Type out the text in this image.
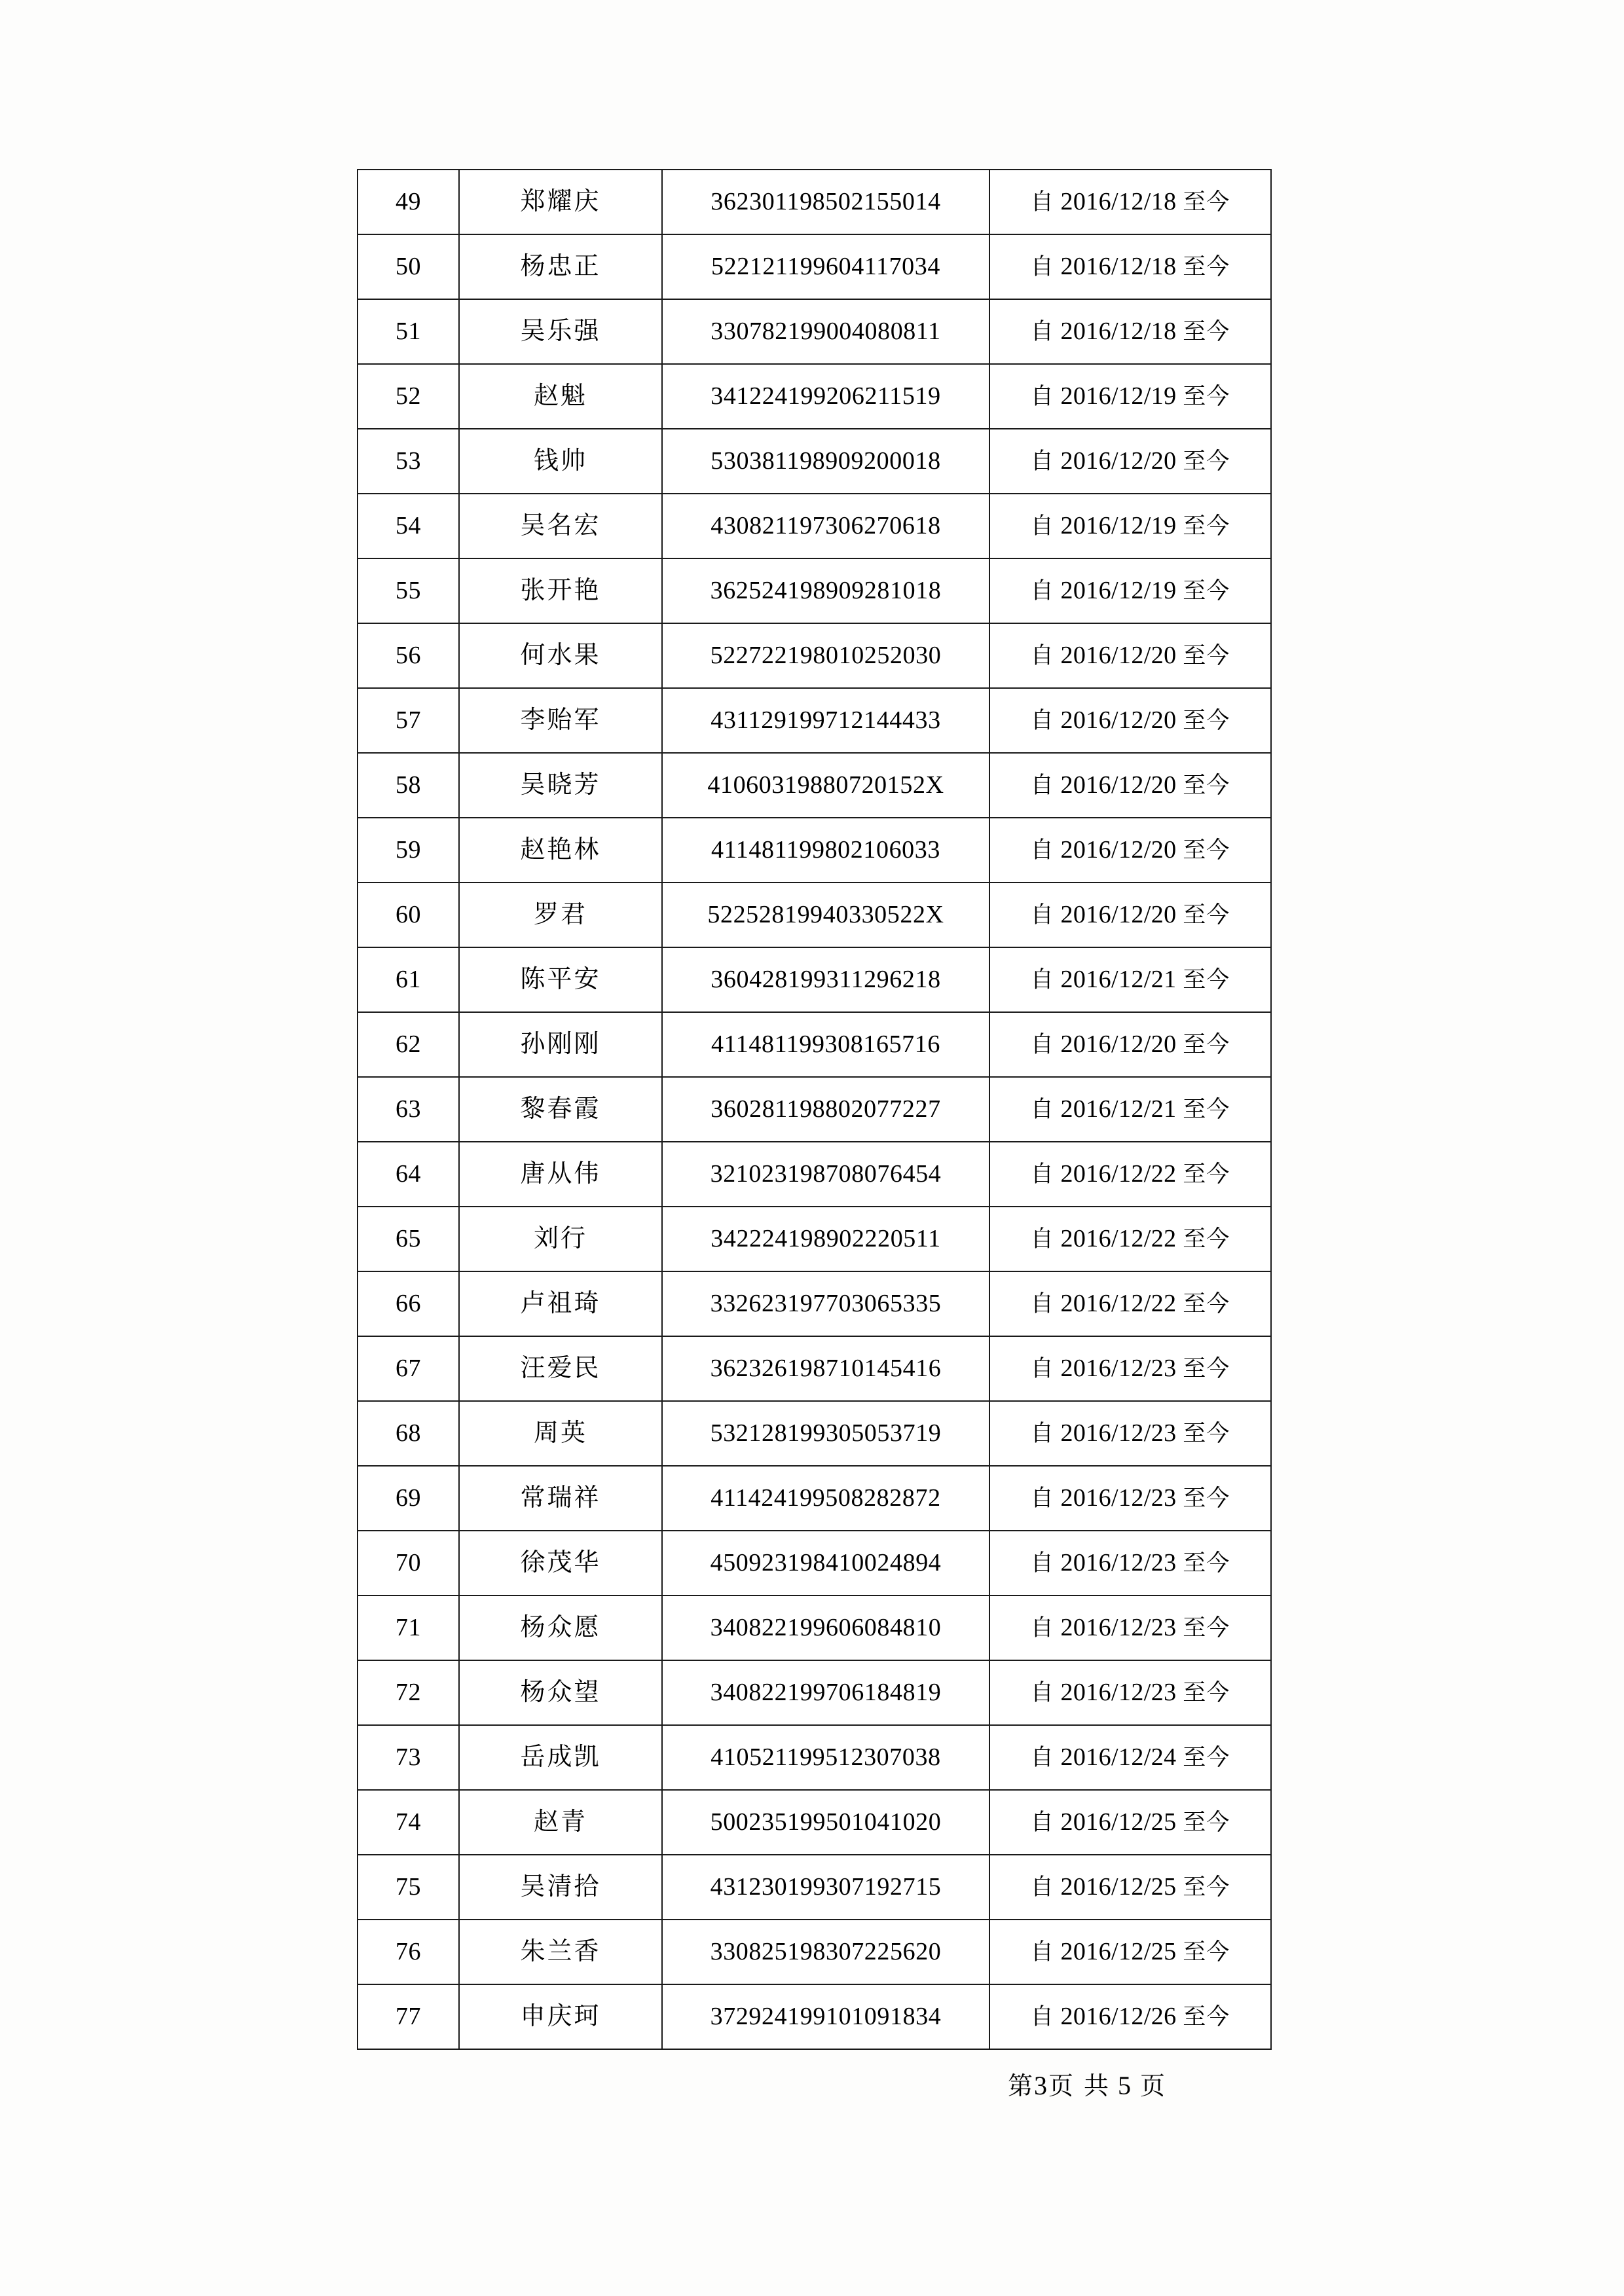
49	郑耀庆	362301198502155014	自 2016/12/18 至今
50	杨忠正	522121199604117034	自 2016/12/18 至今
51	吴乐强	330782199004080811	自 2016/12/18 至今
52	赵魁	341224199206211519	自 2016/12/19 至今
53	钱帅	530381198909200018	自 2016/12/20 至今
54	吴名宏	430821197306270618	自 2016/12/19 至今
55	张开艳	362524198909281018	自 2016/12/19 至今
56	何水果	522722198010252030	自 2016/12/20 至今
57	李贻军	431129199712144433	自 2016/12/20 至今
58	吴晓芳	41060319880720152X	自 2016/12/20 至今
59	赵艳林	411481199802106033	自 2016/12/20 至今
60	罗君	52252819940330522X	自 2016/12/20 至今
61	陈平安	360428199311296218	自 2016/12/21 至今
62	孙刚刚	411481199308165716	自 2016/12/20 至今
63	黎春霞	360281198802077227	自 2016/12/21 至今
64	唐从伟	321023198708076454	自 2016/12/22 至今
65	刘行	342224198902220511	自 2016/12/22 至今
66	卢祖琦	332623197703065335	自 2016/12/22 至今
67	汪爱民	362326198710145416	自 2016/12/23 至今
68	周英	532128199305053719	自 2016/12/23 至今
69	常瑞祥	411424199508282872	自 2016/12/23 至今
70	徐茂华	450923198410024894	自 2016/12/23 至今
71	杨众愿	340822199606084810	自 2016/12/23 至今
72	杨众望	340822199706184819	自 2016/12/23 至今
73	岳成凯	410521199512307038	自 2016/12/24 至今
74	赵青	500235199501041020	自 2016/12/25 至今
75	吴清拾	431230199307192715	自 2016/12/25 至今
76	朱兰香	330825198307225620	自 2016/12/25 至今
77	申庆珂	372924199101091834	自 2016/12/26 至今
第3页 共 5 页
